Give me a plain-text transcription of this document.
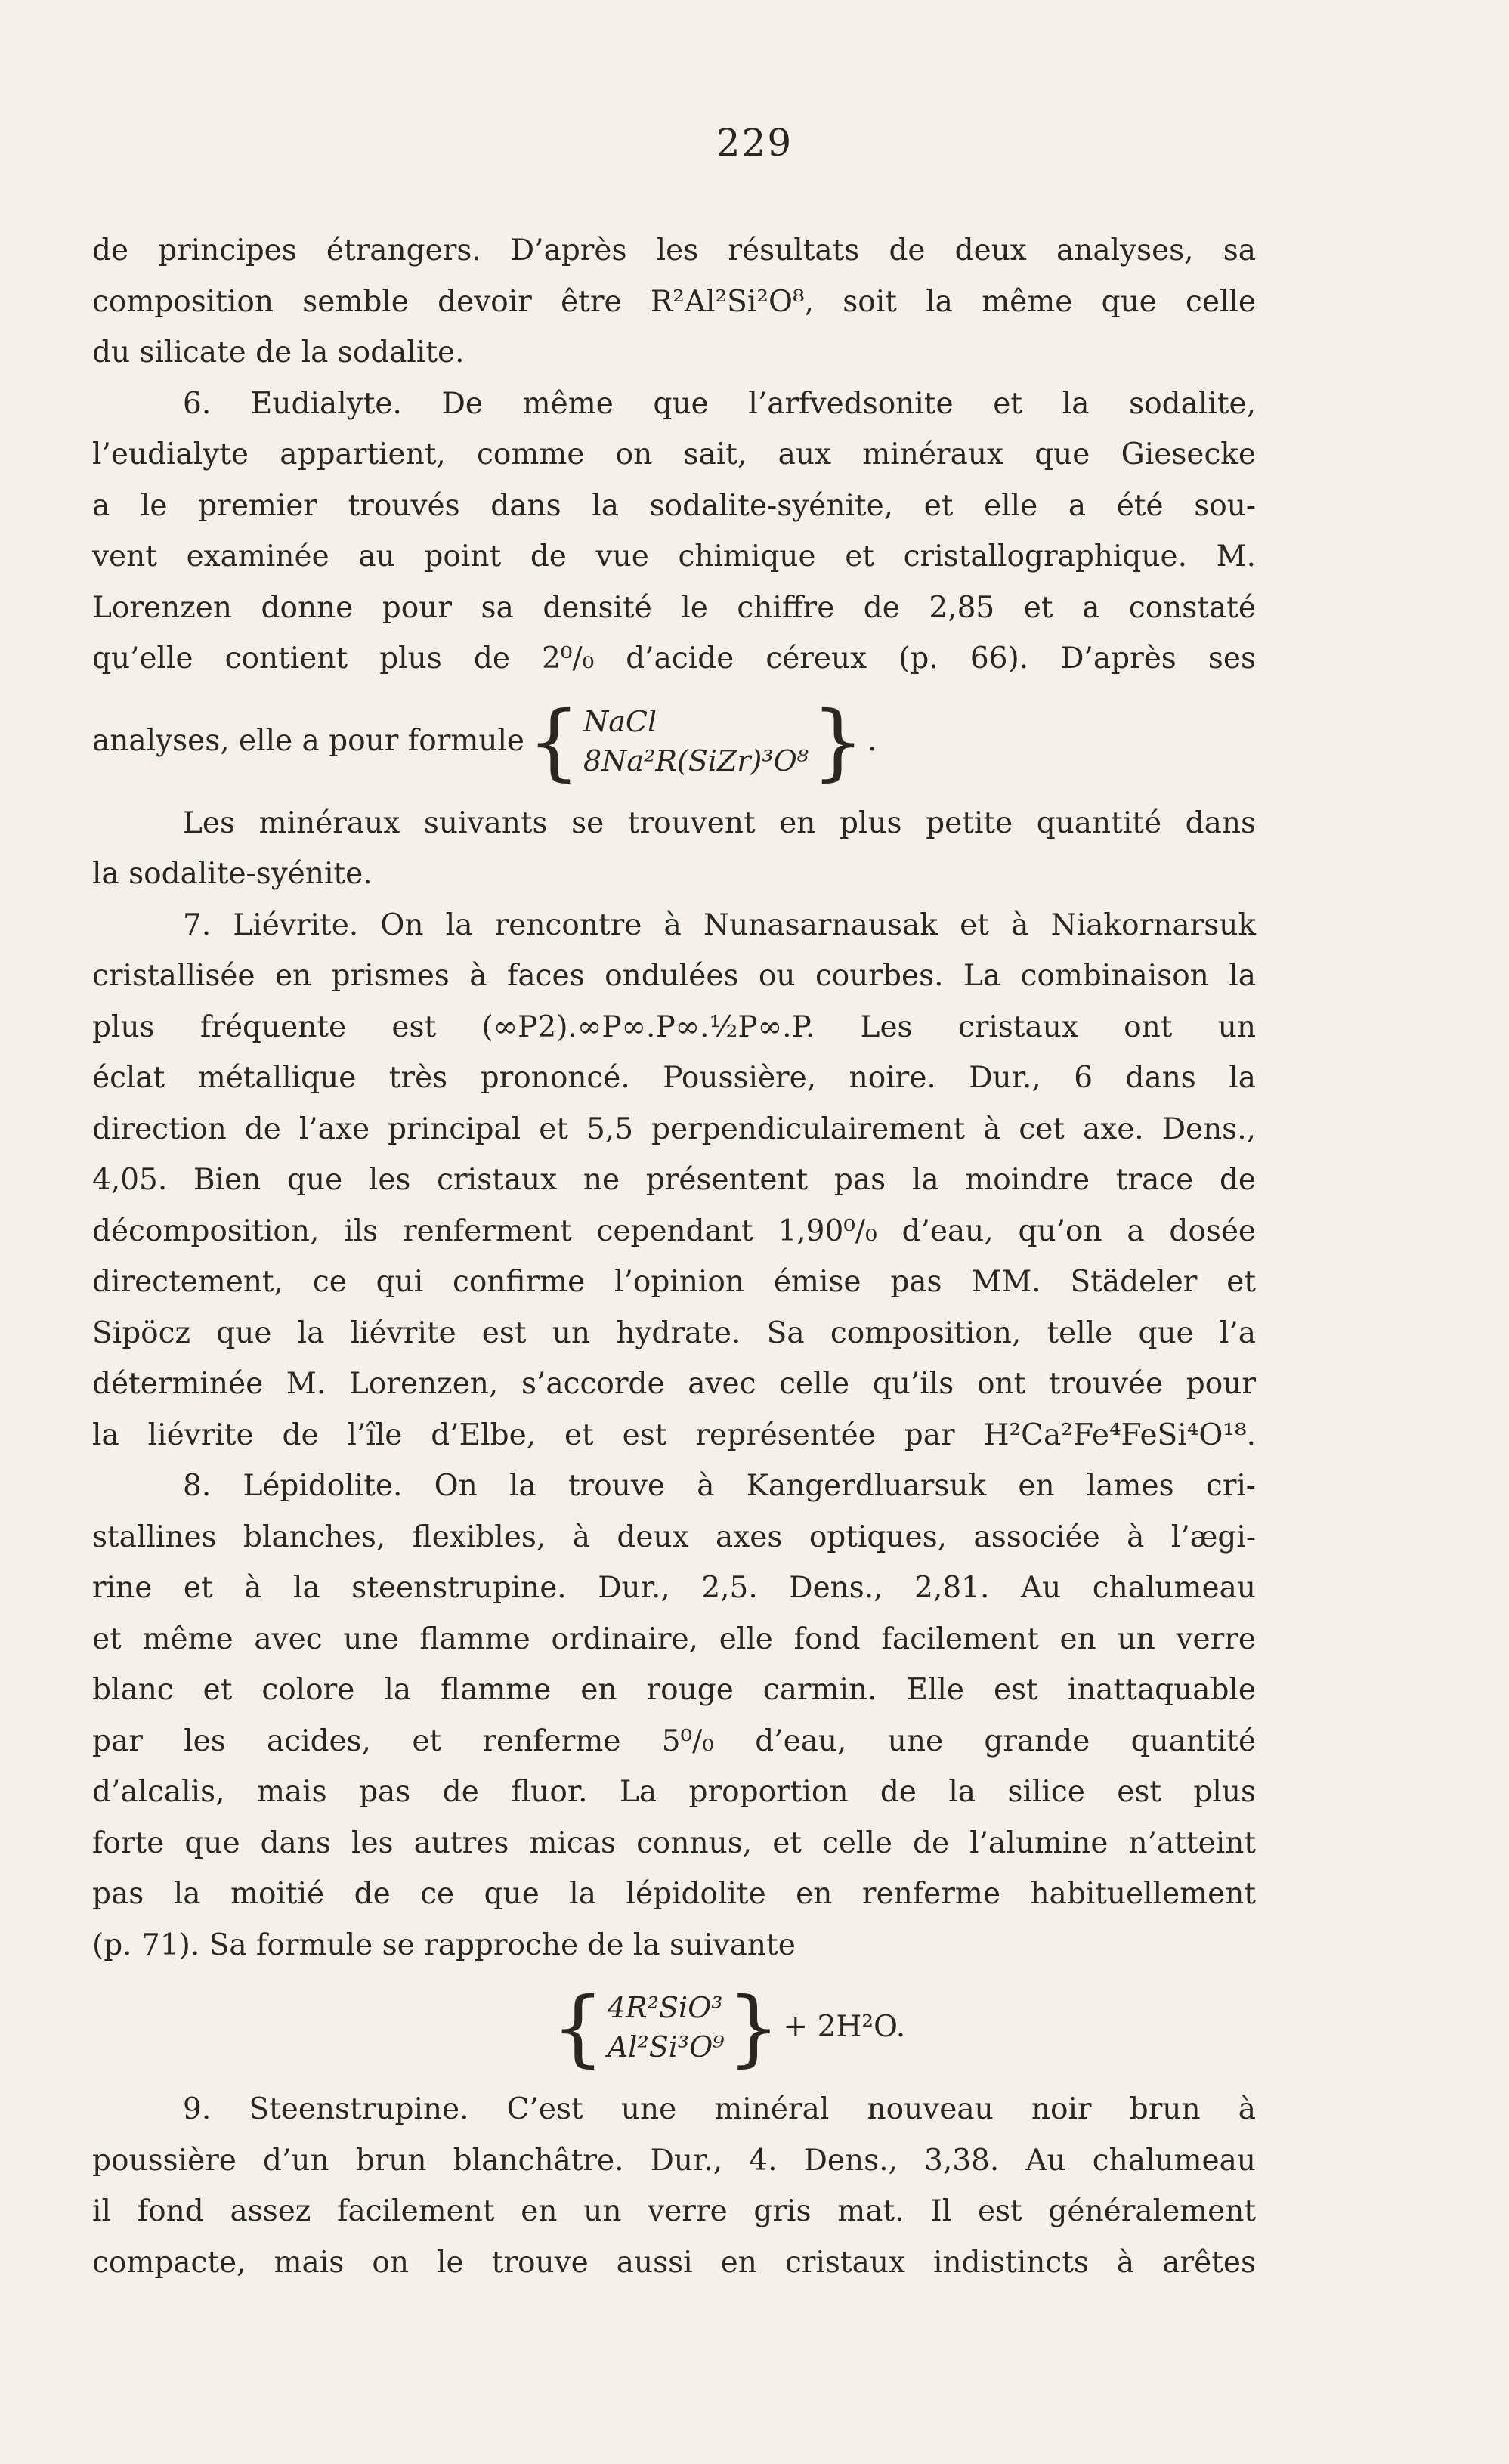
229
de principes étrangers. D’après les résultats de deux analyses, sa
composition semble devoir être R²Al²Si²O⁸, soit la même que celle
du silicate de la sodalite.
6. Eudialyte. De même que l’arfvedsonite et la sodalite,
l’eudialyte appartient, comme on sait, aux minéraux que Giesecke
a le premier trouvés dans la sodalite-syénite, et elle a été sou-
vent examinée au point de vue chimique et cristallographique. M.
Lorenzen donne pour sa densité le chiffre de 2,85 et a constaté
qu’elle contient plus de 2⁰/₀ d’acide céreux (p. 66). D’après ses
analyses, elle a pour formule { NaCl
8Na²R(SiZr)³O⁸ } .
Les minéraux suivants se trouvent en plus petite quantité dans
la sodalite-syénite.
7. Liévrite. On la rencontre à Nunasarnausak et à Niakornarsuk
cristallisée en prismes à faces ondulées ou courbes. La combinaison la
plus fréquente est (∞P2).∞P∞.P∞.½P∞.P. Les cristaux ont un
éclat métallique très prononcé. Poussière, noire. Dur., 6 dans la
direction de l’axe principal et 5,5 perpendiculairement à cet axe. Dens.,
4,05. Bien que les cristaux ne présentent pas la moindre trace de
décomposition, ils renferment cependant 1,90⁰/₀ d’eau, qu’on a dosée
directement, ce qui confirme l’opinion émise pas MM. Städeler et
Sipöcz que la liévrite est un hydrate. Sa composition, telle que l’a
déterminée M. Lorenzen, s’accorde avec celle qu’ils ont trouvée pour
la liévrite de l’île d’Elbe, et est représentée par H²Ca²Fe⁴FeSi⁴O¹⁸.
8. Lépidolite. On la trouve à Kangerdluarsuk en lames cri-
stallines blanches, flexibles, à deux axes optiques, associée à l’ægi-
rine et à la steenstrupine. Dur., 2,5. Dens., 2,81. Au chalumeau
et même avec une flamme ordinaire, elle fond facilement en un verre
blanc et colore la flamme en rouge carmin. Elle est inattaquable
par les acides, et renferme 5⁰/₀ d’eau, une grande quantité
d’alcalis, mais pas de fluor. La proportion de la silice est plus
forte que dans les autres micas connus, et celle de l’alumine n’atteint
pas la moitié de ce que la lépidolite en renferme habituellement
(p. 71). Sa formule se rapproche de la suivante
{ 4R²SiO³
Al²Si³O⁹ } + 2H²O.
9. Steenstrupine. C’est une minéral nouveau noir brun à
poussière d’un brun blanchâtre. Dur., 4. Dens., 3,38. Au chalumeau
il fond assez facilement en un verre gris mat. Il est généralement
compacte, mais on le trouve aussi en cristaux indistincts à arêtes
